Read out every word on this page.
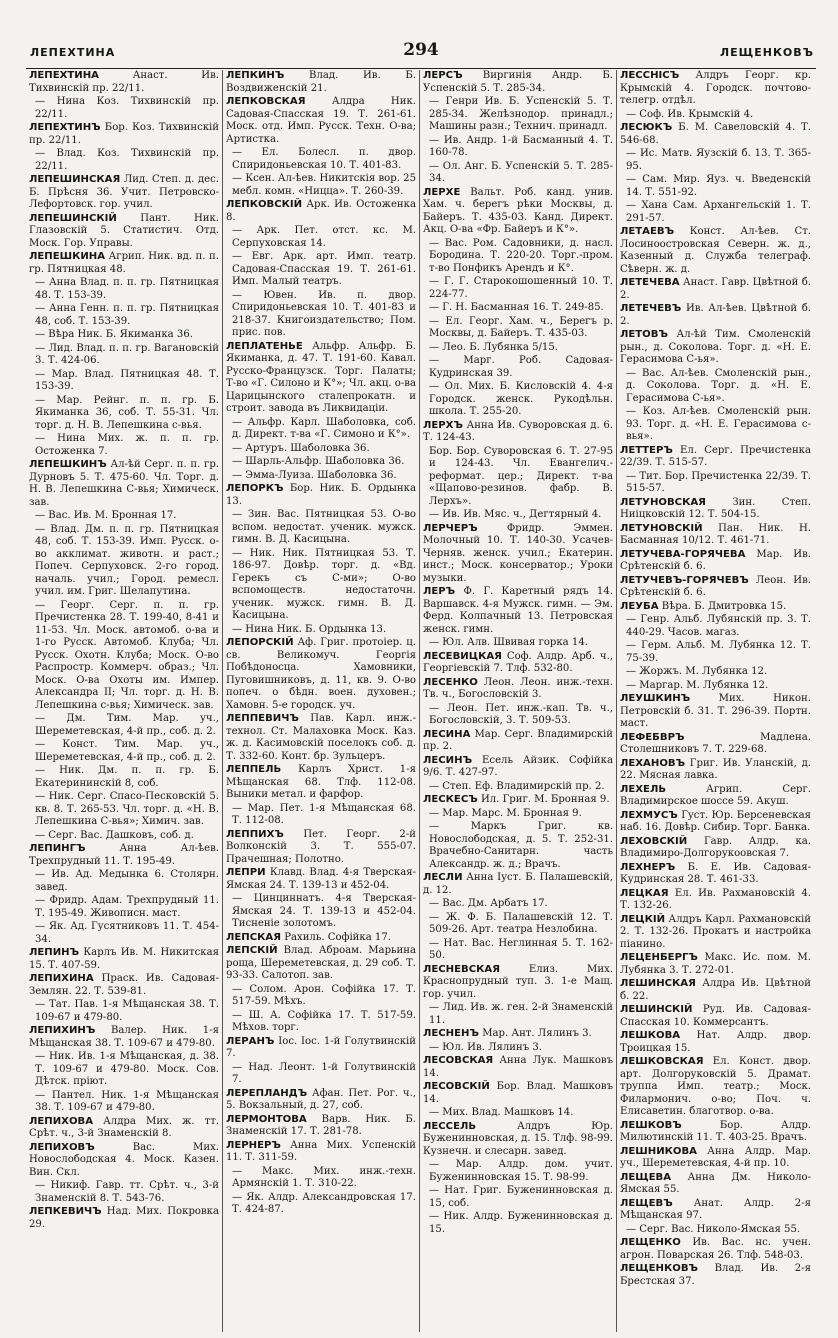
ЛЕПЕХТИНА	294	ЛЕЩЕНКОВЪ
ЛЕПЕХТИНА	Анаст. Ив. Тихвинскій пр. 22/11.
— Нина Коз. Тихвинскій пр. 22/11.
ЛЕПЕХТИНЪ Бор. Коз. Тихвинскій пр. 22/11.
— Влад. Коз. Тихвинскій пр. 22/11.
ЛЕПЕШИНСКАЯ Лид. Степ. д. дес. Б. Прѣсня 36. Учит. Петровско-Лефортовск. гор. учил.
ЛЕПЕШИНСКІЙ Пант. Ник. Глазовскій 5. Статистич. Отд. Моск. Гор. Управы.
ЛЕПЕШКИНА Агрип. Ник. вд. п. п. гр. Пятницкая 48.
— Анна Влад. п. п. гр. Пятницкая 48. Т. 153-39.
— Анна Генн. п. п. гр. Пятницкая 48, соб. Т. 153-39.
— Вѣра Ник. Б. Якиманка 36.
— Лид. Влад. п. п. гр. Вагановскій 3. Т. 424-06.
— Мар. Влад. Пятницкая 48. Т. 153-39.
— Мар. Рейнг. п. п. гр. Б. Якиманка 36, соб. Т. 55-31. Чл. торг. д. Н. В. Лепешкина с-вья.
— Нина Мих. ж. п. п. гр. Остоженка 7.
ЛЕПЕШКИНЪ Ал-ѣй Серг. п. п. гр. Дурновъ 5. Т. 475-60. Чл. Торг. д. Н. В. Лепешкина С-вья; Химическ. зав.
— Вас. Ив. М. Бронная 17.
— Влад. Дм. п. п. гр. Пятницкая 48, соб. Т. 153-39. Имп. Русск. о-во акклимат. животн. и раст.; Попеч. Серпуховск. 2-го город. началь. учил.; Город. ремесл. учил. им. Григ. Шелапутина.
— Георг. Серг. п. п. гр. Пречистенка 28. Т. 199-40, 8-41 и 11-53. Чл. Моск. автомоб. о-ва и 1-го Русск. Автомоб. Клуба; Чл. Русск. Охотн. Клуба; Моск. О-во Распростр. Коммерч. образ.; Чл. Моск. О-ва Охоты им. Импер. Александра II; Чл. торг. д. Н. В. Лепешкина с-вья; Химическ. зав.
— Дм. Тим. Мар. уч., Шереметевская, 4-й пр., соб. д. 2.
— Конст. Тим. Мар. уч., Шереметевская, 4-й пр., соб. д. 2.
— Ник. Дм. п. п. гр. Б. Екатерининскій 8, соб.
— Ник. Серг. Спасо-Песковскій 5. кв. 8. Т. 265-53. Чл. торг. д. «Н. В. Лепешкина С-вья»; Химич. зав.
— Серг. Вас. Дашковъ, соб. д.
ЛЕПИНГЪ	Анна Ал-ѣев. Трехпрудный 11. Т. 195-49.
— Ив. Ад. Медынка 6. Столярн. завед.
— Фридр. Адам. Трехпрудный 11. Т. 195-49. Живописн. маст.
— Як. Ад. Гусятниковъ 11. Т. 454-34.
ЛЕПИНЪ Карлъ Ив. М. Никитская 15. Т. 407-59.
ЛЕПИХИНА Праск. Ив. Садовая-Землян. 22. Т. 539-81.
— Тат. Пав. 1-я Мѣщанская 38. Т. 109-67 и 479-80.
ЛЕПИХИНЪ Валер. Ник. 1-я Мѣщанская 38. Т. 109-67 и 479-80.
— Ник. Ив. 1-я Мѣщанская, д. 38. Т. 109-67 и 479-80. Моск. Сов. Дѣтск. пріют.
— Пантел. Ник. 1-я Мѣщанская 38. Т. 109-67 и 479-80.
ЛЕПИХОВА Алдра Мих. ж. тт. Срѣт. ч., 3-й Знаменскій 8.
ЛЕПИХОВЪ	Вас. Мих. Новослободская 4. Моск. Казен. Вин. Скл.
— Никиф. Гавр. тт. Срѣт. ч., 3-й Знаменскій 8. Т. 543-76.
ЛЕПКЕВИЧЪ Над. Мих. Покровка 29.
ЛЕПКИНЪ Влад. Ив. Б. Воздвиженскій 21.
ЛЕПКОВСКАЯ	Алдра Ник. Садовая-Спасская 19. Т. 261-61. Моск. отд. Имп. Русск. Техн. О-ва; Артистка.
— Ел. Болесл. п. двор. Спиридоньевская 10. Т. 401-83.
— Ксен. Ал-ѣев. Никитскія вор. 25 мебл. комн. «Ницца». Т. 260-39.
ЛЕПКОВСКІЙ Арк. Ив. Остоженка 8.
— Арк. Пет. отст. кс. М. Серпуховская 14.
— Евг. Арк. арт. Имп. театр. Садовая-Спасская 19. Т. 261-61. Имп. Малый театръ.
— Ювен. Ив. п. двор. Спиридоньевская 10. Т. 401-83 и 218-37. Книгоиздательство; Пом. прис. пов.
ЛЕПЛАТЕНЬЕ Альфр. Альфр. Б. Якиманка, д. 47. Т. 191-60. Кавал. Русско-Французск. Торг. Палаты; Т-во «Г. Силоно и К°»; Чл. акц. о-ва Царицынского сталепрокатн. и строит. завода въ Ликвидаціи.
— Альфр. Карл. Шаболовка, соб. д. Директ. т-ва «Г. Симоно и К°».
— Артуръ. Шаболовка 36.
— Шарль-Альфр. Шаболовка 36.
— Эмма-Луиза. Шаболовка 36.
ЛЕПОРКЪ Бор. Ник. Б. Ордынка 13.
— Зин. Вас. Пятницкая 53. О-во вспом. недостат. ученик. мужск. гимн. В. Д. Касицына.
— Ник. Ник. Пятницкая 53. Т. 186-97. Довѣр. торг. д. «Вд. Герекъ съ С-ми»; О-во вспомоществ. недостаточн. ученик. мужск. гимн. В. Д. Касицына.
— Нина Ник. Б. Ордынка 13.
ЛЕПОРСКІЙ Аф. Григ. протоіер. ц. св. Великомуч. Георгія Побѣдоносца. Хамовники, Пуговишниковъ, д. 11, кв. 9. О-во попеч. о бѣдн. воен. духовен.; Хамовн. 5-е городск. уч.
ЛЕППЕВИЧЪ Пав. Карл. инж.-технол. Ст. Малаховка Моск. Каз. ж. д. Касимовскій поселокъ соб. д. Т. 332-60. Конт. бр. Зульцеръ.
ЛЕППЕЛЬ Карлъ Христ. 1-я Мѣщанская 68. Тлф. 112-08. Выники метал. и фарфор.
— Мар. Пет. 1-я Мѣщанская 68. Т. 112-08.
ЛЕППИХЪ Пет. Георг. 2-й Волконскій 3. Т. 555-07. Прачешная; Полотно.
ЛЕПРИ Клавд. Влад. 4-я Тверская-Ямская 24. Т. 139-13 и 452-04.
— Цинциннатъ. 4-я Тверская-Ямская 24. Т. 139-13 и 452-04. Тисненіе золотомъ.
ЛЕПСКАЯ Рахиль. Софійка 17.
ЛЕПСКІЙ Влад. Аброам. Марьина роща, Шереметевская, д. 29 соб. Т. 93-33. Салотоп. зав.
— Солом. Арон. Софійка 17. Т. 517-59. Мѣхъ.
— Ш. А. Софійка 17. Т. 517-59. Мѣхов. торг.
ЛЕРАНЪ Іос. Іос. 1-й Голутвинскій 7.
— Над. Леонт. 1-й Голутвинскій 7.
ЛЕРЕПЛАНДЪ Афан. Пет. Рог. ч., 5. Вокзальный, д. 27, соб.
ЛЕРМОНТОВА Варв. Ник. Б. Знаменскій 17. Т. 281-78.
ЛЕРНЕРЪ Анна Мих. Успенскій 11. Т. 311-59.
— Макс. Мих. инж.-техн. Армянскій 1. Т. 310-22.
— Як. Алдр. Александровская 17. Т. 424-87.
ЛЕРСЪ Виргинія Андр. Б. Успенскій 5. Т. 285-34.
— Генри Ив. Б. Успенскій 5. Т. 285-34. Желѣзнодор. принадл.; Машины разн.; Технич. принадл.
— Ив. Андр. 1-й Басманный 4. Т. 160-78.
— Ол. Анг. Б. Успенскій 5. Т. 285-34.
ЛЕРХЕ Вальт. Роб. канд. унив. Хам. ч. берегъ рѣки Москвы, д. Байеръ. Т. 435-03. Канд. Директ. Акц. О-ва «Фр. Байеръ и К°».
— Вас. Ром. Садовники, д. насл. Бородина. Т. 220-20. Торг.-пром. т-во Понфикъ Арендъ и К°.
— Г. Г. Старокошошенный 10. Т. 224-77.
— Г. Н. Басманная 16. Т. 249-85.
— Ел. Георг. Хам. ч., Берегъ р. Москвы, д. Байеръ. Т. 435-03.
— Лео. Б. Лубянка 5/15.
— Марг. Роб. Садовая-Кудринская 39.
— Ол. Мих. Б. Кисловскій 4. 4-я Городск. женск. Рукодѣльн. школа. Т. 255-20.
ЛЕРХЪ Анна Ив. Суворовская д. 6. Т. 124-43.
Бор. Бор. Суворовская 6. Т. 27-95 и 124-43. Чл. Евангелич.-реформат. цер.; Директ. т-ва «Щапово-резинов. фабр. В. Лерхъ».
— Ив. Ив. Мяс. ч., Дегтярный 4.
ЛЕРЧЕРЪ	Фридр. Эммен. Молочный 10. Т. 140-30. Усачев-Черняв. женск. учил.; Екатерин. инст.; Моск. консерватор.; Уроки музыки.
ЛЕРЪ Ф. Г. Каретный рядъ 14. Варшавск. 4-я Мужск. гимн. — Эм. Ферд. Колпачный 13. Петровская женск. гимн.
— Юл. Алв. Швивая горка 14.
ЛЕСЕВИЦКАЯ Соф. Алдр. Арб. ч., Георгіевскій 7. Тлф. 532-80.
ЛЕСЕНКО Леон. Леон. инж.-техн. Тв. ч., Богословскій 3.
— Леон. Пет. инж.-кап. Тв. ч., Богословскій, 3. Т. 509-53.
ЛЕСИНА Мар. Серг. Владимирскій пр. 2.
ЛЕСИНЪ Есель Айзик. Софійка 9/6. Т. 427-97.
— Степ. Еф. Владимирскій пр. 2.
ЛЕСКЕСЪ Ил. Григ. М. Бронная 9.
— Мар. Марс. М. Бронная 9.
— Маркъ Григ. кв. Новослободская, д. 5. Т. 252-31. Врачебно-Санитарн. часть Александр. ж. д.; Врачъ.
ЛЕСЛИ Анна Іуст. Б. Палашевскій, д. 12.
— Вас. Дм. Арбатъ 17.
— Ж. Ф. Б. Палашевскій 12. Т. 509-26. Арт. театра Незлобина.
— Нат. Вас. Неглинная 5. Т. 162-50.
ЛЕСНЕВСКАЯ	Елиз. Мих. Краснопрудный туп. 3. 1-е Мащ. гор. учил.
— Лид. Ив. ж. ген. 2-й Знаменскій 11.
ЛЕСНЕНЪ Мар. Ант. Лялинъ 3.
— Юл. Ив. Лялинъ 3.
ЛЕСОВСКАЯ Анна Лук. Машковъ 14.
ЛЕСОВСКІЙ Бор. Влад. Машковъ 14.
— Мих. Влад. Машковъ 14.
ЛЕССЕЛЬ	Алдръ Юр. Буженинновская, д. 15. Тлф. 98-99. Кузнечн. и слесарн. завед.
— Мар. Алдр. дом. учит. Буженинновская 15. Т. 98-99.
— Нат. Григ. Буженинновская д. 15, соб.
— Ник. Алдр. Буженинновская д. 15.
ЛЕССНІСЪ Алдръ Георг. кр. Крымскій 4. Городск. почтово-телегр. отдѣл.
— Соф. Ив. Крымскій 4.
ЛЕСЮКЪ Б. М. Савеловскій 4. Т. 546-68.
— Ис. Матв. Яузскій б. 13. Т. 365-95.
— Сам. Мир. Яуз. ч. Введенскій 14. Т. 551-92.
— Хана Сам. Архангельскій 1. Т. 291-57.
ЛЕТАЕВЪ Конст. Ал-ѣев. Ст. Лосиноостровская Северн. ж. д., Казенный д. Служба телеграф. Сѣверн. ж. д.
ЛЕТЕЧЕВА Анаст. Гавр. Цвѣтной б. 2.
ЛЕТЕЧЕВЪ Ив. Ал-ѣев. Цвѣтной б. 2.
ЛЕТОВЪ Ал-ѣй Тим. Смоленскій рын., д. Соколова. Торг. д. «Н. Е. Герасимова С-ья».
— Вас. Ал-ѣев. Смоленскій рын., д. Соколова. Торг. д. «Н. Е. Герасимова С-ья».
— Коз. Ал-ѣев. Смоленскій рын. 93. Торг. д. «Н. Е. Герасимова с-вья».
ЛЕТТЕРЪ Ел. Серг. Пречистенка 22/39. Т. 515-57.
— Тит. Бор. Пречистенка 22/39. Т. 515-57.
ЛЕТУНОВСКАЯ	Зин. Степ. Ниіцковскій 12. Т. 504-15.
ЛЕТУНОВСКІЙ Пан. Ник. Н. Басманная 10/12. Т. 461-71.
ЛЕТУЧЕВА-ГОРЯЧЕВА Мар. Ив. Срѣтенскій б. 6.
ЛЕТУЧЕВЪ-ГОРЯЧЕВЪ Леон. Ив. Срѣтенскій б. 6.
ЛЕУБА Вѣра. Б. Дмитровка 15.
— Генр. Альб. Лубянскій пр. 3. Т. 440-29. Часов. магаз.
— Герм. Альб. М. Лубянка 12. Т. 75-39.
— Жоржъ. М. Лубянка 12.
— Маргар. М. Лубянка 12.
ЛЕУШКИНЪ	Мих. Никон. Петровскій б. 31. Т. 296-39. Портн. маст.
ЛЕФЕБВРЪ	Мадлена. Столешниковъ 7. Т. 229-68.
ЛЕХАНОВЪ Григ. Ив. Уланскій, д. 22. Мясная лавка.
ЛЕХЕЛЬ	Агрип. Серг. Владимирское шоссе 59. Акуш.
ЛЕХМУСЪ Густ. Юр. Берсеневская наб. 16. Довѣр. Сибир. Торг. Банка.
ЛЕХОВСКІЙ Гавр. Алдр. ка. Владимиро-Долгорукоовская 7.
ЛЕХНЕРЪ Б. Е. Ив. Садовая-Кудринская 28. Т. 461-33.
ЛЕЦКАЯ Ел. Ив. Рахмановскій 4. Т. 132-26.
ЛЕЦКІЙ Алдръ Карл. Рахмановскій 2. Т. 132-26. Прокатъ и настройка піанино.
ЛЕЦЕНБЕРГЪ Макс. Ис. пом. М. Лубянка 3. Т. 272-01.
ЛЕШИНСКАЯ Алдра Ив. Цвѣтной б. 22.
ЛЕШИНСКІЙ Руд. Ив. Садовая-Спасская 10. Коммерсантъ.
ЛЕШКОВА Нат. Алдр. двор. Троицкая 15.
ЛЕШКОВСКАЯ Ел. Конст. двор. арт. Долгоруковскій 5. Драмат. труппа Имп. театр.; Моск. Филармонич. о-во; Поч. ч. Елисаветин. благотвор. о-ва.
ЛЕШКОВЪ	Бор. Алдр. Милютинскій 11. Т. 403-25. Врачъ.
ЛЕШНИКОВА Анна Алдр. Мар. уч., Шереметевская, 4-й пр. 10.
ЛЕЩЕВА Анна Дм. Николо-Ямская 55.
ЛЕЩЕВЪ Анат. Алдр. 2-я Мѣщанская 97.
— Серг. Вас. Николо-Ямская 55.
ЛЕЩЕНКО Ив. Вас. нс. учен. агрон. Поварская 26. Тлф. 548-03.
ЛЕЩЕНКОВЪ Влад. Ив. 2-я Брестская 37.
